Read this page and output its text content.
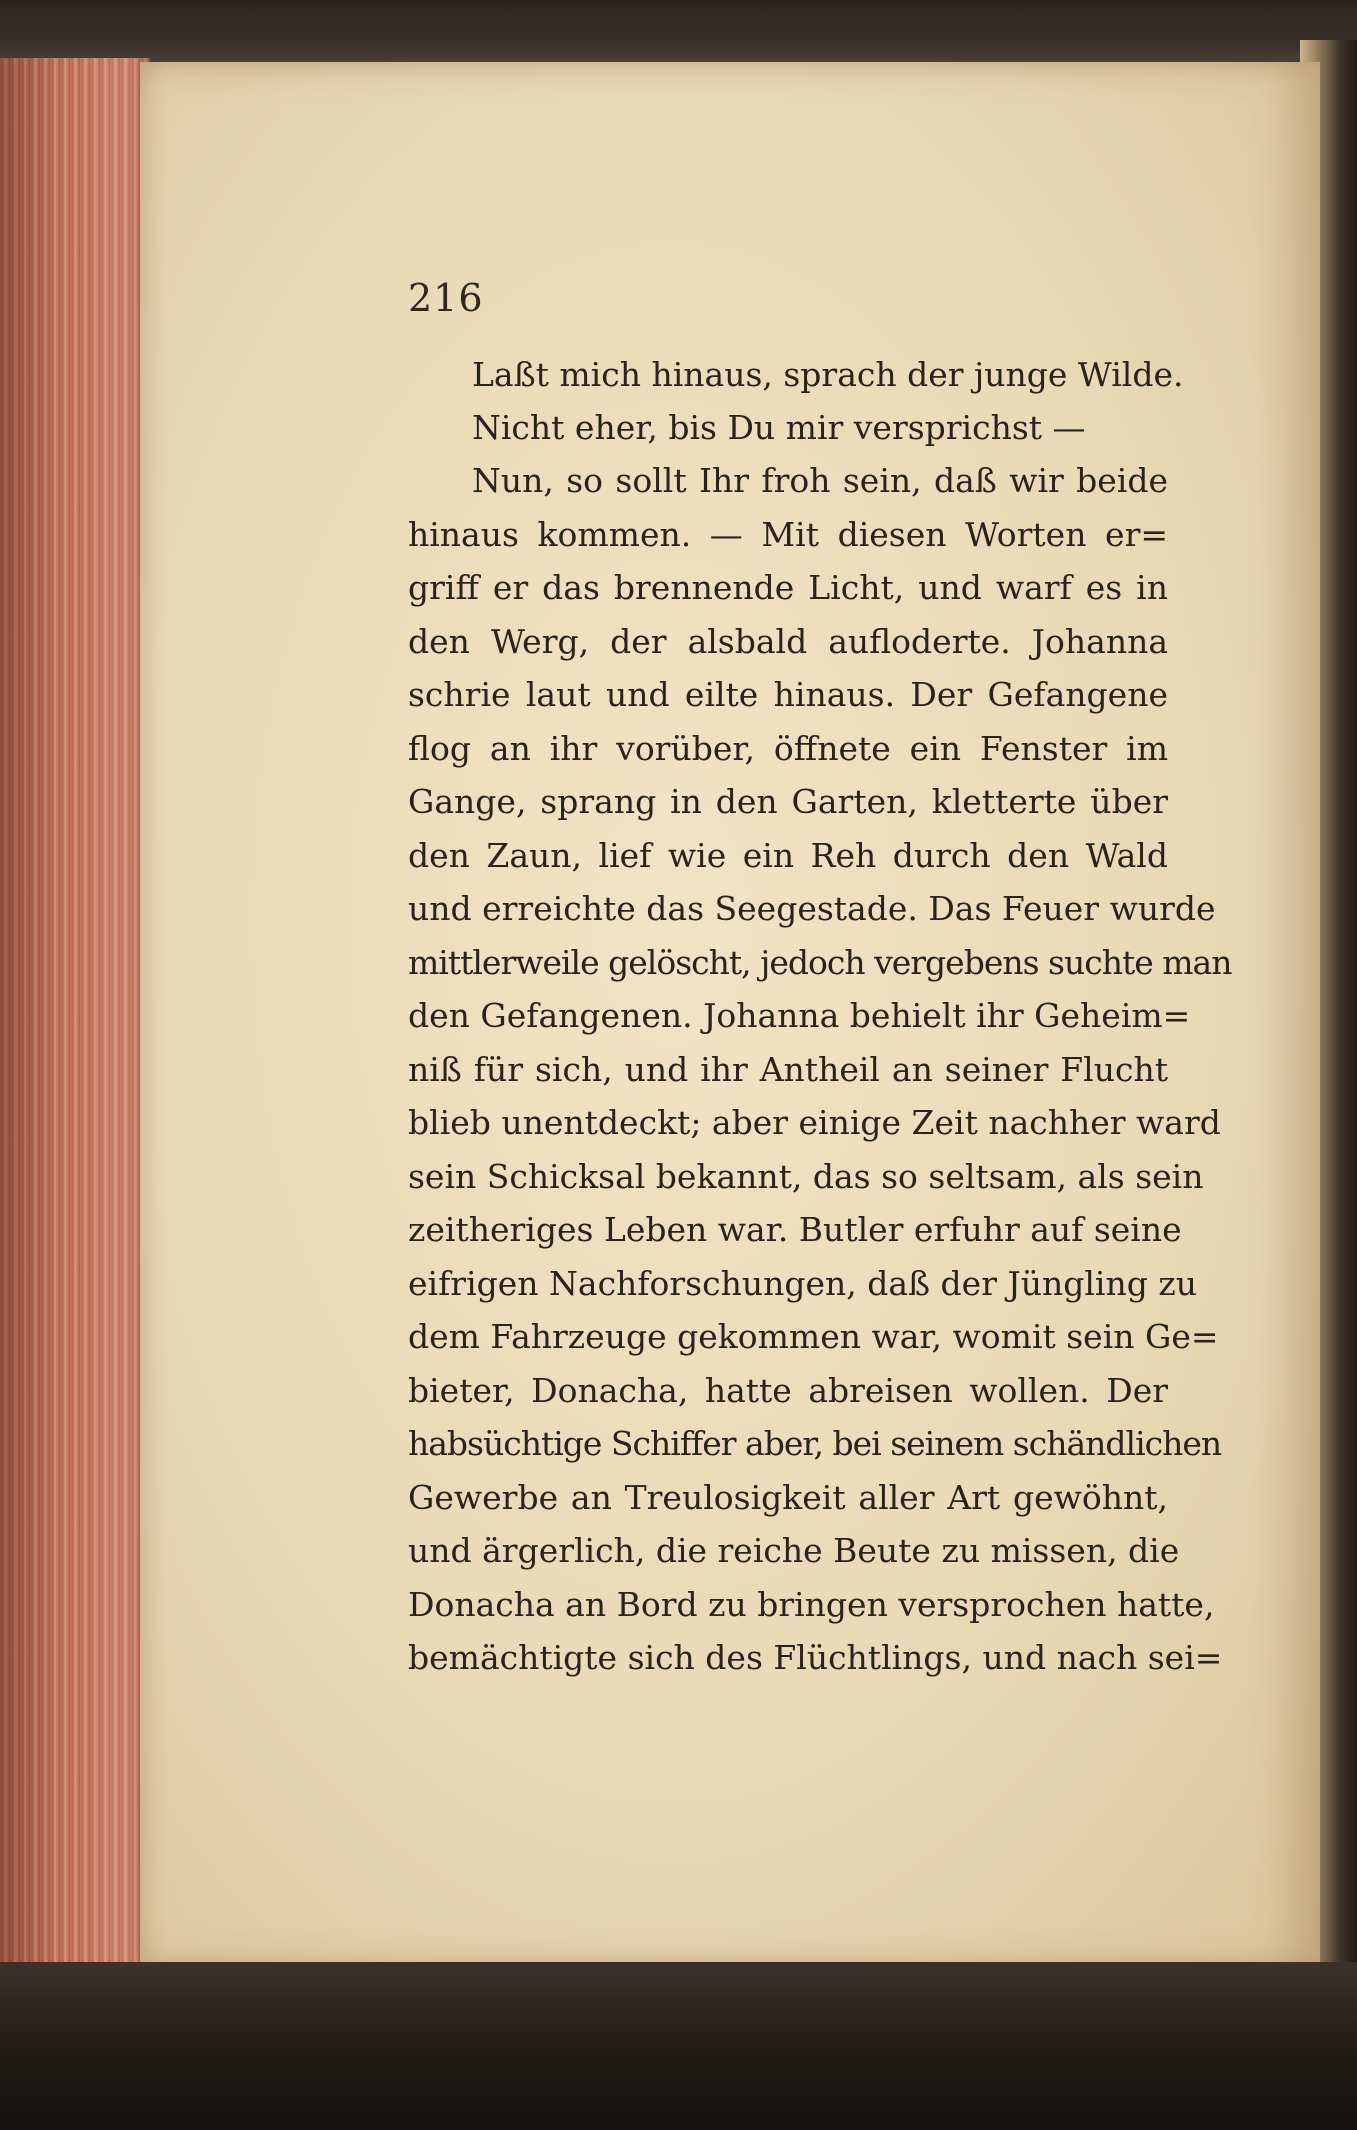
216
Laßt mich hinaus, sprach der junge Wilde.
Nicht eher, bis Du mir versprichst —
Nun, so sollt Ihr froh sein, daß wir beide
hinaus kommen. — Mit diesen Worten er=
griff er das brennende Licht, und warf es in
den Werg, der alsbald aufloderte. Johanna
schrie laut und eilte hinaus. Der Gefangene
flog an ihr vorüber, öffnete ein Fenster im
Gange, sprang in den Garten, kletterte über
den Zaun, lief wie ein Reh durch den Wald
und erreichte das Seegestade. Das Feuer wurde
mittlerweile gelöscht, jedoch vergebens suchte man
den Gefangenen. Johanna behielt ihr Geheim=
niß für sich, und ihr Antheil an seiner Flucht
blieb unentdeckt; aber einige Zeit nachher ward
sein Schicksal bekannt, das so seltsam, als sein
zeitheriges Leben war. Butler erfuhr auf seine
eifrigen Nachforschungen, daß der Jüngling zu
dem Fahrzeuge gekommen war, womit sein Ge=
bieter, Donacha, hatte abreisen wollen. Der
habsüchtige Schiffer aber, bei seinem schändlichen
Gewerbe an Treulosigkeit aller Art gewöhnt,
und ärgerlich, die reiche Beute zu missen, die
Donacha an Bord zu bringen versprochen hatte,
bemächtigte sich des Flüchtlings, und nach sei=
